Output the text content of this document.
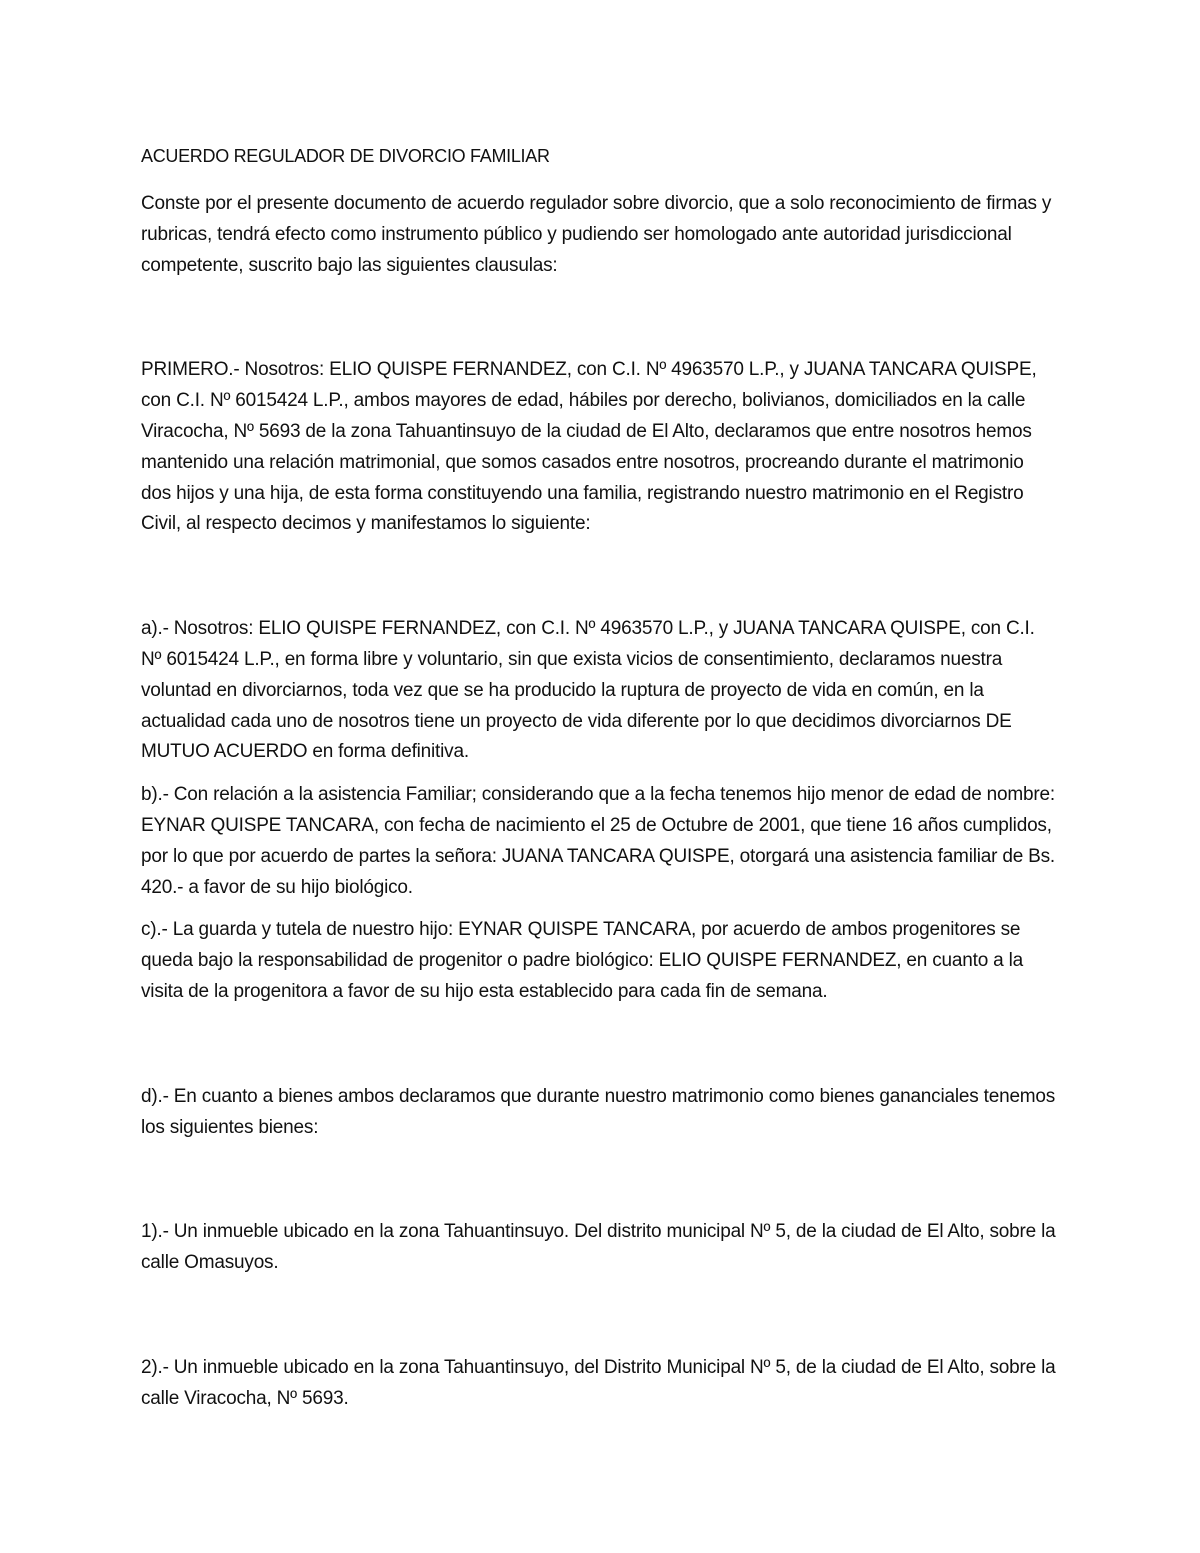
ACUERDO REGULADOR DE DIVORCIO FAMILIAR

Conste por el presente documento de acuerdo regulador sobre divorcio, que a solo reconocimiento de firmas y rubricas, tendrá efecto como instrumento público y pudiendo ser homologado ante autoridad jurisdiccional competente, suscrito bajo las siguientes clausulas:

PRIMERO.- Nosotros: ELIO QUISPE FERNANDEZ, con C.I. Nº 4963570 L.P., y JUANA TANCARA QUISPE, con C.I. Nº 6015424 L.P., ambos mayores de edad, hábiles por derecho, bolivianos, domiciliados en la calle Viracocha, Nº 5693 de la zona Tahuantinsuyo de la ciudad de El Alto, declaramos que entre nosotros hemos mantenido una relación matrimonial, que somos casados entre nosotros, procreando durante el matrimonio dos hijos y una hija, de esta forma constituyendo una familia, registrando nuestro matrimonio en el Registro Civil, al respecto decimos y manifestamos lo siguiente:

a).- Nosotros: ELIO QUISPE FERNANDEZ, con C.I. Nº 4963570 L.P., y JUANA TANCARA QUISPE, con C.I. Nº 6015424 L.P., en forma libre y voluntario, sin que exista vicios de consentimiento, declaramos nuestra voluntad en divorciarnos, toda vez que se ha producido la ruptura de proyecto de vida en común, en la actualidad cada uno de nosotros tiene un proyecto de vida diferente por lo que decidimos divorciarnos DE MUTUO ACUERDO en forma definitiva.

b).- Con relación a la asistencia Familiar; considerando que a la fecha tenemos hijo menor de edad de nombre: EYNAR QUISPE TANCARA, con fecha de nacimiento el 25 de Octubre de 2001, que tiene 16 años cumplidos, por lo que por acuerdo de partes la señora: JUANA TANCARA QUISPE, otorgará una asistencia familiar de Bs. 420.- a favor de su hijo biológico.

c).- La guarda y tutela de nuestro hijo: EYNAR QUISPE TANCARA, por acuerdo de ambos progenitores se queda bajo la responsabilidad de progenitor o padre biológico: ELIO QUISPE FERNANDEZ, en cuanto a la visita de la progenitora a favor de su hijo esta establecido para cada fin de semana.

d).- En cuanto a bienes ambos declaramos que durante nuestro matrimonio como bienes gananciales tenemos los siguientes bienes:

1).- Un inmueble ubicado en la zona Tahuantinsuyo. Del distrito municipal Nº 5, de la ciudad de El Alto, sobre la calle Omasuyos.

2).- Un inmueble ubicado en la zona Tahuantinsuyo, del Distrito Municipal Nº 5, de la ciudad de El Alto, sobre la calle Viracocha, Nº 5693.
